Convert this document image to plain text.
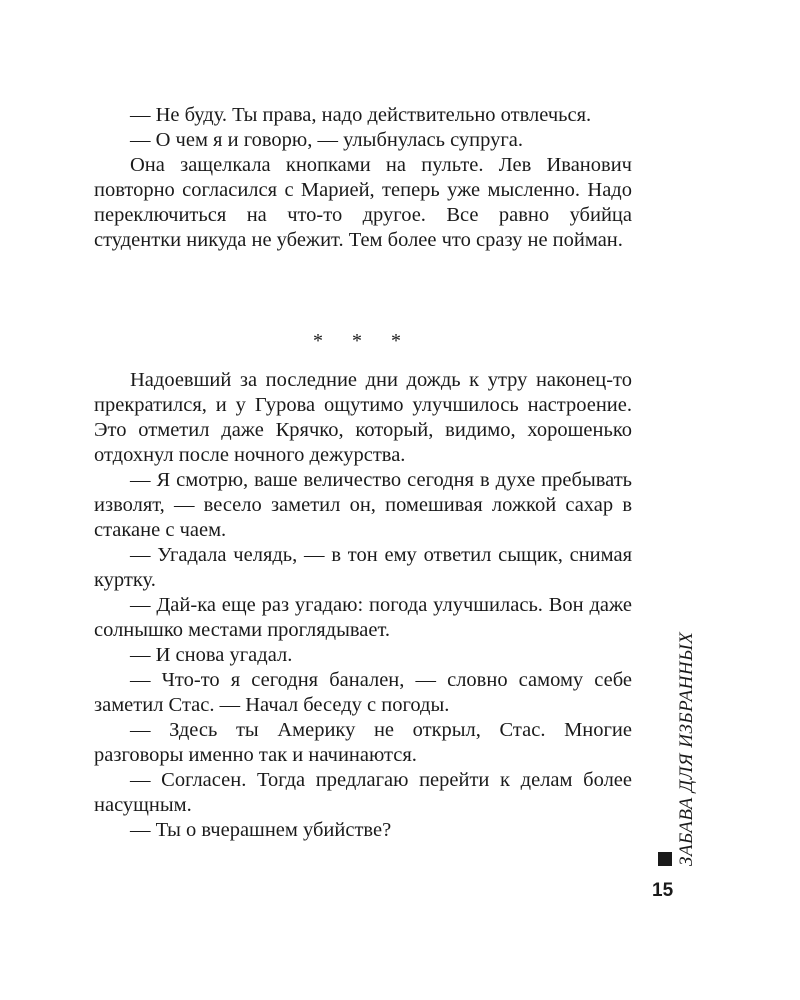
— Не буду. Ты права, надо действительно отвлечься.

— О чем я и говорю, — улыбнулась супруга.

Она защелкала кнопками на пульте. Лев Иванович повторно согласился с Марией, теперь уже мысленно. Надо переключиться на что-то другое. Все равно убийца студентки никуда не убежит. Тем более что сразу не пойман.

* * *

Надоевший за последние дни дождь к утру наконец-то прекратился, и у Гурова ощутимо улучшилось настроение. Это отметил даже Крячко, который, видимо, хорошенько отдохнул после ночного дежурства.

— Я смотрю, ваше величество сегодня в духе пребывать изволят, — весело заметил он, помешивая ложкой сахар в стакане с чаем.

— Угадала челядь, — в тон ему ответил сыщик, снимая куртку.

— Дай-ка еще раз угадаю: погода улучшилась. Вон даже солнышко местами проглядывает.

— И снова угадал.

— Что-то я сегодня банален, — словно самому себе заметил Стас. — Начал беседу с погоды.

— Здесь ты Америку не открыл, Стас. Многие разговоры именно так и начинаются.

— Согласен. Тогда предлагаю перейти к делам более насущным.

— Ты о вчерашнем убийстве?	ЗАБАВА ДЛЯ ИЗБРАННЫХ
15
